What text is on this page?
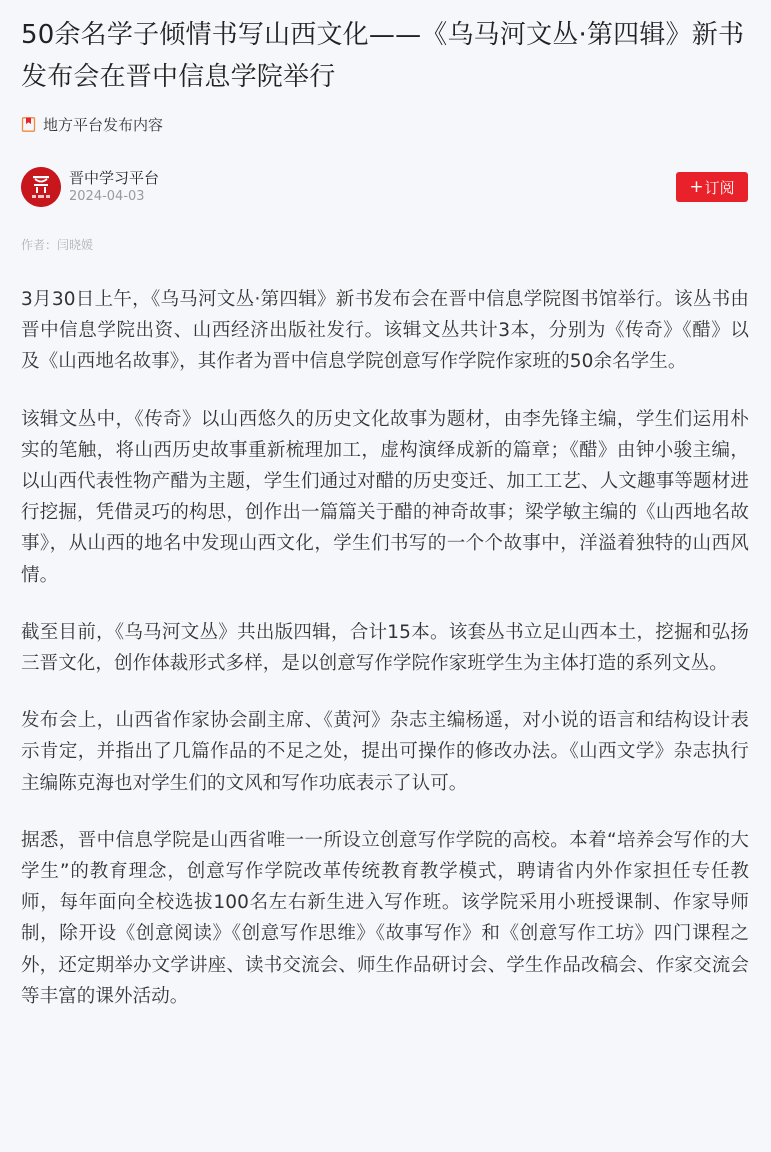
50余名学子倾情书写山西文化——《乌马河文丛·第四辑》新书发布会在晋中信息学院举行
地方平台发布内容
晋中学习平台
2024-04-03	+ 订阅
作者：闫晓媛

3月30日上午，《乌马河文丛·第四辑》新书发布会在晋中信息学院图书馆举行。该丛书由晋中信息学院出资、山西经济出版社发行。该辑文丛共计3本，分别为《传奇》《醋》以及《山西地名故事》，其作者为晋中信息学院创意写作学院作家班的50余名学生。

该辑文丛中，《传奇》以山西悠久的历史文化故事为题材，由李先锋主编，学生们运用朴实的笔触，将山西历史故事重新梳理加工，虚构演绎成新的篇章；《醋》由钟小骏主编，以山西代表性物产醋为主题，学生们通过对醋的历史变迁、加工工艺、人文趣事等题材进行挖掘，凭借灵巧的构思，创作出一篇篇关于醋的神奇故事；梁学敏主编的《山西地名故事》，从山西的地名中发现山西文化，学生们书写的一个个故事中，洋溢着独特的山西风情。

截至目前，《乌马河文丛》共出版四辑，合计15本。该套丛书立足山西本土，挖掘和弘扬三晋文化，创作体裁形式多样，是以创意写作学院作家班学生为主体打造的系列文丛。

发布会上，山西省作家协会副主席、《黄河》杂志主编杨遥，对小说的语言和结构设计表示肯定，并指出了几篇作品的不足之处，提出可操作的修改办法。《山西文学》杂志执行主编陈克海也对学生们的文风和写作功底表示了认可。

据悉，晋中信息学院是山西省唯一一所设立创意写作学院的高校。本着“培养会写作的大学生”的教育理念，创意写作学院改革传统教育教学模式，聘请省内外作家担任专任教师，每年面向全校选拔100名左右新生进入写作班。该学院采用小班授课制、作家导师制，除开设《创意阅读》《创意写作思维》《故事写作》和《创意写作工坊》四门课程之外，还定期举办文学讲座、读书交流会、师生作品研讨会、学生作品改稿会、作家交流会等丰富的课外活动。
